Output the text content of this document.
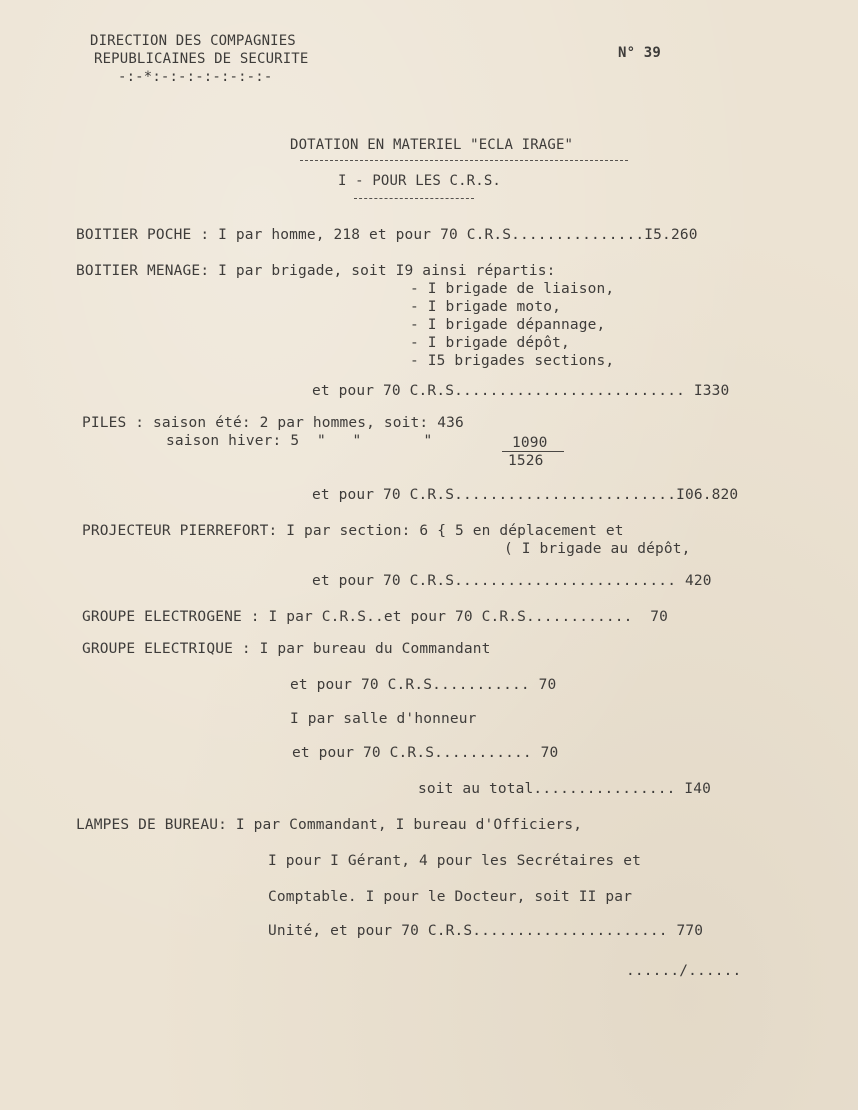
DIRECTION DES COMPAGNIES
REPUBLICAINES DE SECURITE
-:-*:-:-:-:-:-:-:-
N° 39
DOTATION EN MATERIEL "ECLA IRAGE"
I - POUR LES C.R.S.
BOITIER POCHE : I par homme, 218 et pour 70 C.R.S...............I5.260
BOITIER MENAGE: I par brigade, soit I9 ainsi répartis:
- I brigade de liaison,
- I brigade moto,
- I brigade dépannage,
- I brigade dépôt,
- I5 brigades sections,
et pour 70 C.R.S.......................... I330
PILES : saison été: 2 par hommes, soit: 436
saison hiver: 5  "   "       "	1090
1526
et pour 70 C.R.S.........................I06.820
PROJECTEUR PIERREFORT: I par section: 6 { 5 en déplacement et
( I brigade au dépôt,
et pour 70 C.R.S......................... 420
GROUPE ELECTROGENE : I par C.R.S..et pour 70 C.R.S............  70
GROUPE ELECTRIQUE : I par bureau du Commandant
et pour 70 C.R.S........... 70
I par salle d'honneur
et pour 70 C.R.S........... 70
soit au total................ I40
LAMPES DE BUREAU: I par Commandant, I bureau d'Officiers,
I pour I Gérant, 4 pour les Secrétaires et
Comptable. I pour le Docteur, soit II par
Unité, et pour 70 C.R.S...................... 770
....../......
